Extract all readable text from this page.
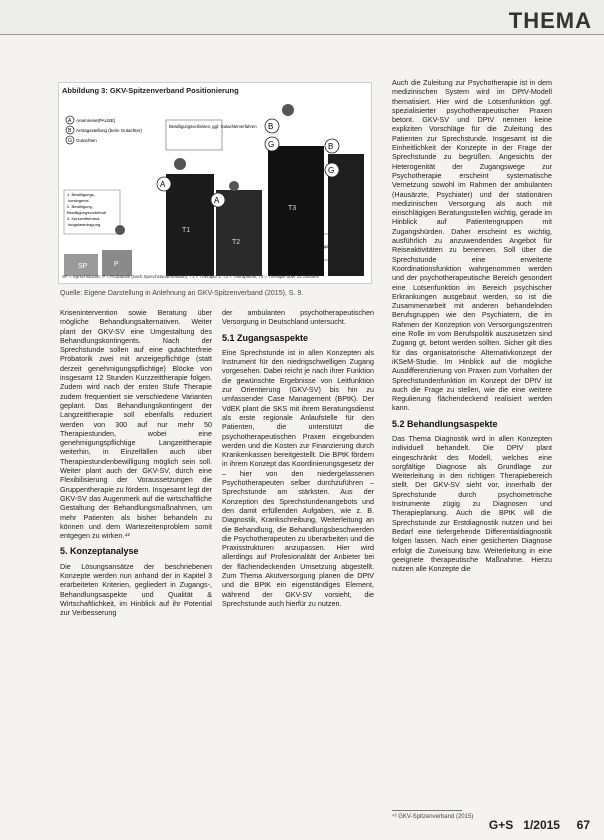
THEMA
Abbildung 3: GKV-Spitzenverband Positionierung
A Anamnese(PAUSE)
B Antragsstellung (beim Gutachter)
G Gutachten
1. Bewilligungs- kontingents 2. Bewilligung, Bewilligungsvorbehalt 3. Kurzzeitbehand- lungsbeantragung
Bewilligungsverfahren, ggf. Gutachterverfahren
SP	P
T1
T2
T3
A
B
G
A
B
G
SP = Sprechstunde; P = Probatorik (nach Sprechstundenbedarf); T1 = Therapie 1; T2 = Therapiefall; T3 = Therapie über 25 Stunden
Quelle: Eigene Darstellung in Anlehnung an GKV-Spitzenverband (2015), S. 9.

Auch die Zuleitung zur Psychotherapie ist in dem medizinischen System wird im DPtV-Modell thematisiert. Hier wird die Lotsenfunktion ggf. spezialisierter psychotherapeutischer Praxen betont. GKV-SV und DPtV nennen keine expliziten Vorschläge für die Zuleitung des Patienten zur Sprechstunde. Insgesamt ist die Einheitlichkeit der Konzepte in der Frage der Sprechstunde zu begrüßen. Angesichts der Heterogenität der Zugangswege zur Psychotherapie erscheint systematische Vernetzung sowohl im Rahmen der ambulanten (Hausärzte, Psychiater) und der stationären medizinischen Versorgung als auch mit einschlägigen Beratungsstellen wichtig, gerade im Hinblick auf Patientengruppen mit Zugangshürden. Daher erscheint es wichtig, ausführlich zu anzuwendendes Angebot für Reiseaktivitäten zu benennen. Soll über die Sprechstunde eine erweiterte Koordinationsfunktion wahrgenommen werden und der psychotherapeutische Bereich gesondert eine Lotsenfunktion im Bereich psychischer Erkrankungen ausgebaut werden, so ist die Zusammenarbeit mit anderen behandelnden Berufsgruppen wie den Psychiatern, die im Rahmen der Konzeption von Versorgungszentren eine Rolle im vom Berufspolitik auszusetzen sind Zugang gt, betont werden sollten. Sicher gilt dies für das organisatorische Alternativkonzept der iKSeM-Studie. Im Hinblick auf die mögliche Ausdifferenzierung von Praxen zum Vorhalten der Sprechstundenfunktion im Konzept der DPtV ist auch die Frage zu stellen, wie die eine weitere Regulierung flächendeckend realisiert werden kann.

5.2 Behandlungsaspekte

Das Thema Diagnostik wird in allen Konzepten individuell behandelt. Die DPtV plant eingeschränkt des Modell, welches eine sorgfältige Diagnose als Grundlage zur Weiterleitung in den richtigen Therapiebereich stellt. Der GKV-SV sieht vor, innerhalb der Sprechstunde durch psychometrische Instrumente zügig zu Diagnosen und Therapieplanung. Auch die BPtK will die Sprechstunde zur Erstdiagnostik nutzen und bei Bedarf eine tiefergehende Differentialdiagnostik folgen lassen. Nach einer gesicherten Diagnose erfolgt die Zuweisung bzw. Weiterleitung in eine geeignete therapeutische Maßnahme. Hierzu nutzen alle Konzepte die

Krisenintervention sowie Beratung über mögliche Behandlungsalternativen. Weiter plant der GKV-SV eine Umgestaltung des Behandlungskontingents. Nach der Sprechstunde sollen auf eine gutachterfreie Probatorik zwei mit anzeigepflichtige (statt derzeit genehmigungspflichtige) Blöcke von insgesamt 12 Stunden Kurzzeittherapie folgen. Zudem wird nach der ersten Stufe Therapie zudem frequentiert sie verschiedene Varianten geplant. Das Behandlungskontingent der Langzeittherapie soll ebenfalls reduziert werden von 300 auf nur mehr 50 Therapiestunden, wobei eine genehmigungspflichtige Langzeittherapie weiterhin, in Einzelfällen auch über Therapiestundenbewilligung möglich sein soll. Weiter plant auch der GKV-SV, durch eine Flexibilisierung der Voraussetzungen die Gruppentherapie zu fördern. Insgesamt legt der GKV-SV das Augenmerk auf die wirtschaftliche Gestaltung der Behandlungsmaßnahmen, um mehr Patienten als bisher behandeln zu können und dem Wartezeitenproblem somit entgegen zu wirken.⁴²

5. Konzeptanalyse

Die Lösungsansätze der beschriebenen Konzepte werden nun anhand der in Kapitel 3 erarbeiteten Kriterien, gegliedert in Zugangs-, Behandlungsaspekte und Qualität & Wirtschaftlichkeit, im Hinblick auf ihr Potential zur Verbesserung

der ambulanten psychotherapeutischen Versorgung in Deutschland untersucht.

5.1 Zugangsaspekte

Eine Sprechstunde ist in allen Konzepten als Instrument für den niedrigschwelligen Zugang vorgesehen. Dabei reicht je nach ihrer Funktion die gewünschte Ergebnisse von Leitfunktion zur Orientierung (GKV-SV) bis hin zu umfassender Case Management (BPtK). Der VdEK plant die SKS mit ihrem Beratungsdienst als erste regionale Anlaufstelle für den Patienten, die unterstützt die psychotherapeutischen Praxen eingebunden werden und die Kosten zur Finanzierung durch Krankenkassen bereitgestellt. Die BPtK fördern in ihrem Konzept das Koordinierungsgesetz der – hier von den niedergelassenen Psychotherapeuten selber durchzuführen – Sprechstunde am stärksten. Aus der Konzeption des Sprechstundenangebots und den damit erfüllenden Aufgaben, wie z. B. Diagnostik, Krankschreibung, Weiterleitung an die Behandlung, die Behandlungsbeschwerden die Psychotherapeuten zu überarbeiten und die Praxisstrukturen anzupassen. Hier wird allerdings auf Profesionalität der Anbieter bei der flächendeckenden Umsetzung abgestellt. Zum Thema Akutversorgung planen die DPtV und die BPtK ein eigenständiges Element, während der GKV-SV vorsieht, die Sprechstunde auch hierfür zu nutzen.

⁴² GKV-Spitzenverband (2015)
G+S 1/2015 67
